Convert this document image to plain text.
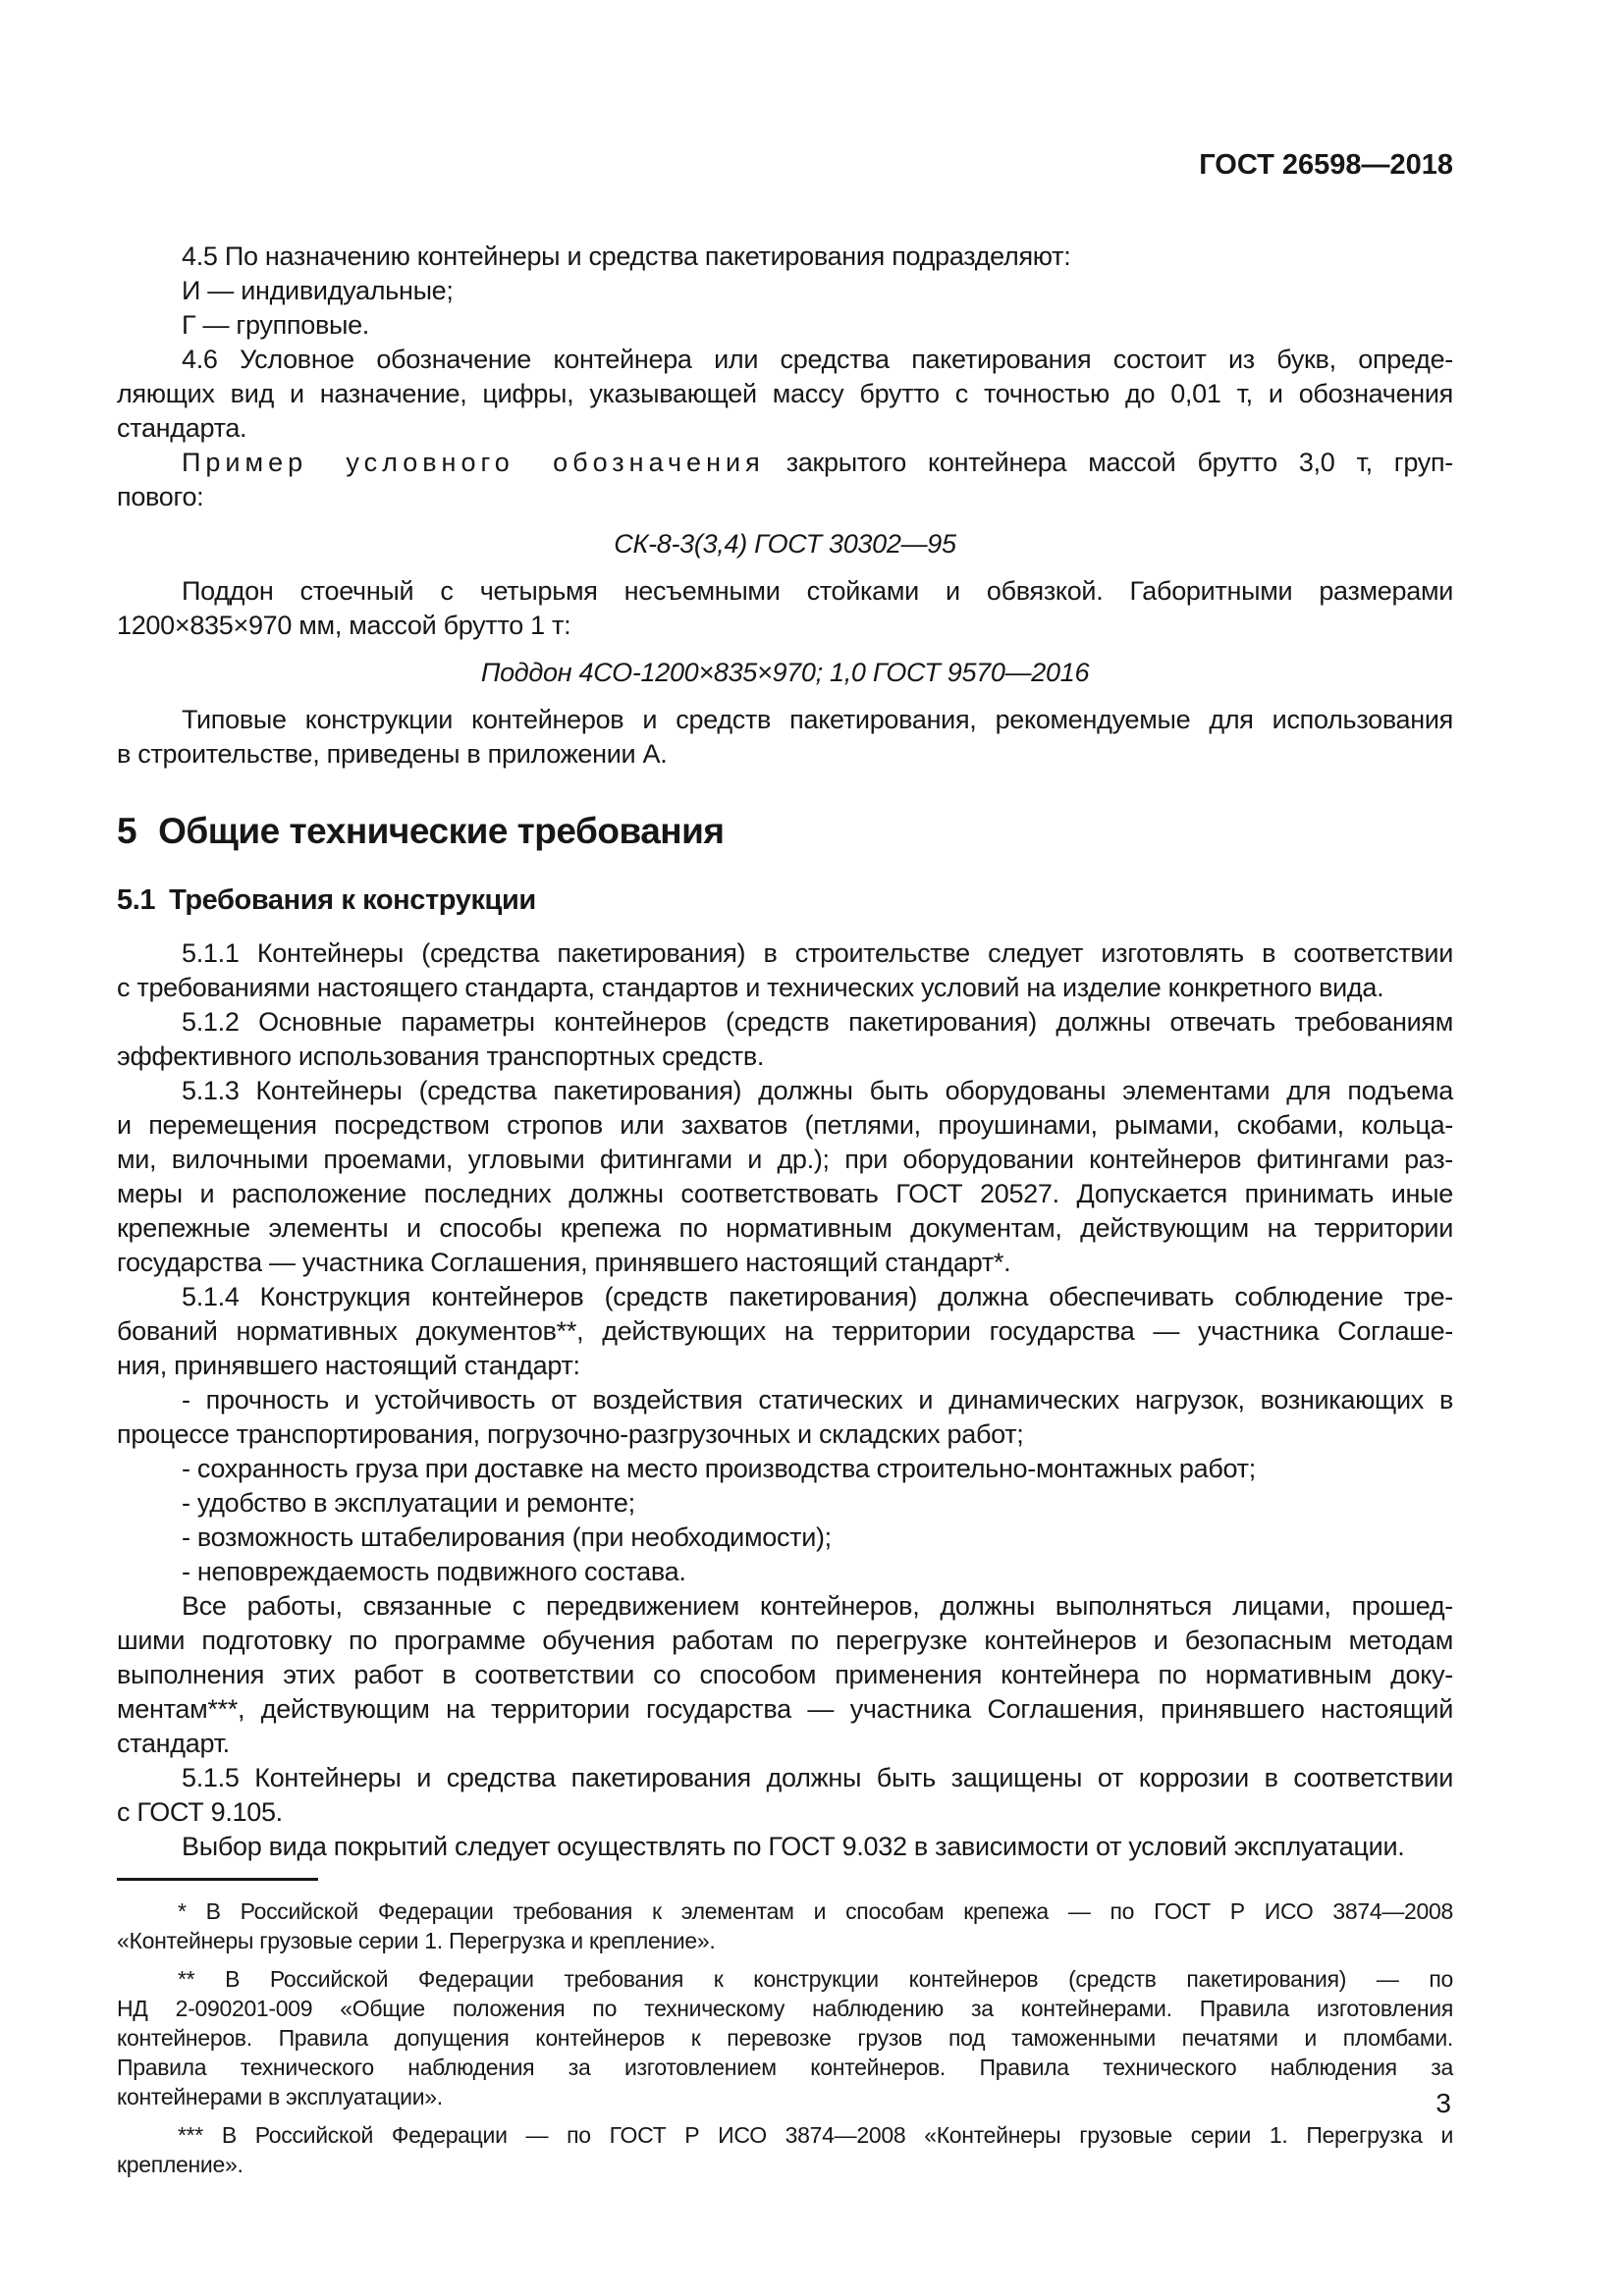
ГОСТ 26598—2018
4.5 По назначению контейнеры и средства пакетирования подразделяют:
И — индивидуальные;
Г — групповые.
4.6 Условное обозначение контейнера или средства пакетирования состоит из букв, опреде-
ляющих вид и назначение, цифры, указывающей массу брутто с точностью до 0,01 т, и обозначения
стандарта.
Пример условного обозначения закрытого контейнера массой брутто 3,0 т, груп-
пового:
СК-8-3(3,4) ГОСТ 30302—95
Поддон стоечный с четырьмя несъемными стойками и обвязкой. Габоритными размерами
1200×835×970 мм, массой брутто 1 т:
Поддон 4СО-1200×835×970; 1,0 ГОСТ 9570—2016
Типовые конструкции контейнеров и средств пакетирования, рекомендуемые для использования
в строительстве, приведены в приложении А.
5 Общие технические требования
5.1 Требования к конструкции
5.1.1 Контейнеры (средства пакетирования) в строительстве следует изготовлять в соответствии
с требованиями настоящего стандарта, стандартов и технических условий на изделие конкретного вида.
5.1.2 Основные параметры контейнеров (средств пакетирования) должны отвечать требованиям
эффективного использования транспортных средств.
5.1.3 Контейнеры (средства пакетирования) должны быть оборудованы элементами для подъема
и перемещения посредством стропов или захватов (петлями, проушинами, рымами, скобами, кольца-
ми, вилочными проемами, угловыми фитингами и др.); при оборудовании контейнеров фитингами раз-
меры и расположение последних должны соответствовать ГОСТ 20527. Допускается принимать иные
крепежные элементы и способы крепежа по нормативным документам, действующим на территории
государства — участника Соглашения, принявшего настоящий стандарт*.
5.1.4 Конструкция контейнеров (средств пакетирования) должна обеспечивать соблюдение тре-
бований нормативных документов**, действующих на территории государства — участника Соглаше-
ния, принявшего настоящий стандарт:
- прочность и устойчивость от воздействия статических и динамических нагрузок, возникающих в
процессе транспортирования, погрузочно-разгрузочных и складских работ;
- сохранность груза при доставке на место производства строительно-монтажных работ;
- удобство в эксплуатации и ремонте;
- возможность штабелирования (при необходимости);
- неповреждаемость подвижного состава.
Все работы, связанные с передвижением контейнеров, должны выполняться лицами, прошед-
шими подготовку по программе обучения работам по перегрузке контейнеров и безопасным методам
выполнения этих работ в соответствии со способом применения контейнера по нормативным доку-
ментам***, действующим на территории государства — участника Соглашения, принявшего настоящий
стандарт.
5.1.5 Контейнеры и средства пакетирования должны быть защищены от коррозии в соответствии
с ГОСТ 9.105.
Выбор вида покрытий следует осуществлять по ГОСТ 9.032 в зависимости от условий эксплуатации.
* В Российской Федерации требования к элементам и способам крепежа — по ГОСТ Р ИСО 3874—2008
«Контейнеры грузовые серии 1. Перегрузка и крепление».
** В Российской Федерации требования к конструкции контейнеров (средств пакетирования) — по
НД 2-090201-009 «Общие положения по техническому наблюдению за контейнерами. Правила изготовления
контейнеров. Правила допущения контейнеров к перевозке грузов под таможенными печатями и пломбами.
Правила технического наблюдения за изготовлением контейнеров. Правила технического наблюдения за
контейнерами в эксплуатации».
*** В Российской Федерации — по ГОСТ Р ИСО 3874—2008 «Контейнеры грузовые серии 1. Перегрузка и
крепление».
3
